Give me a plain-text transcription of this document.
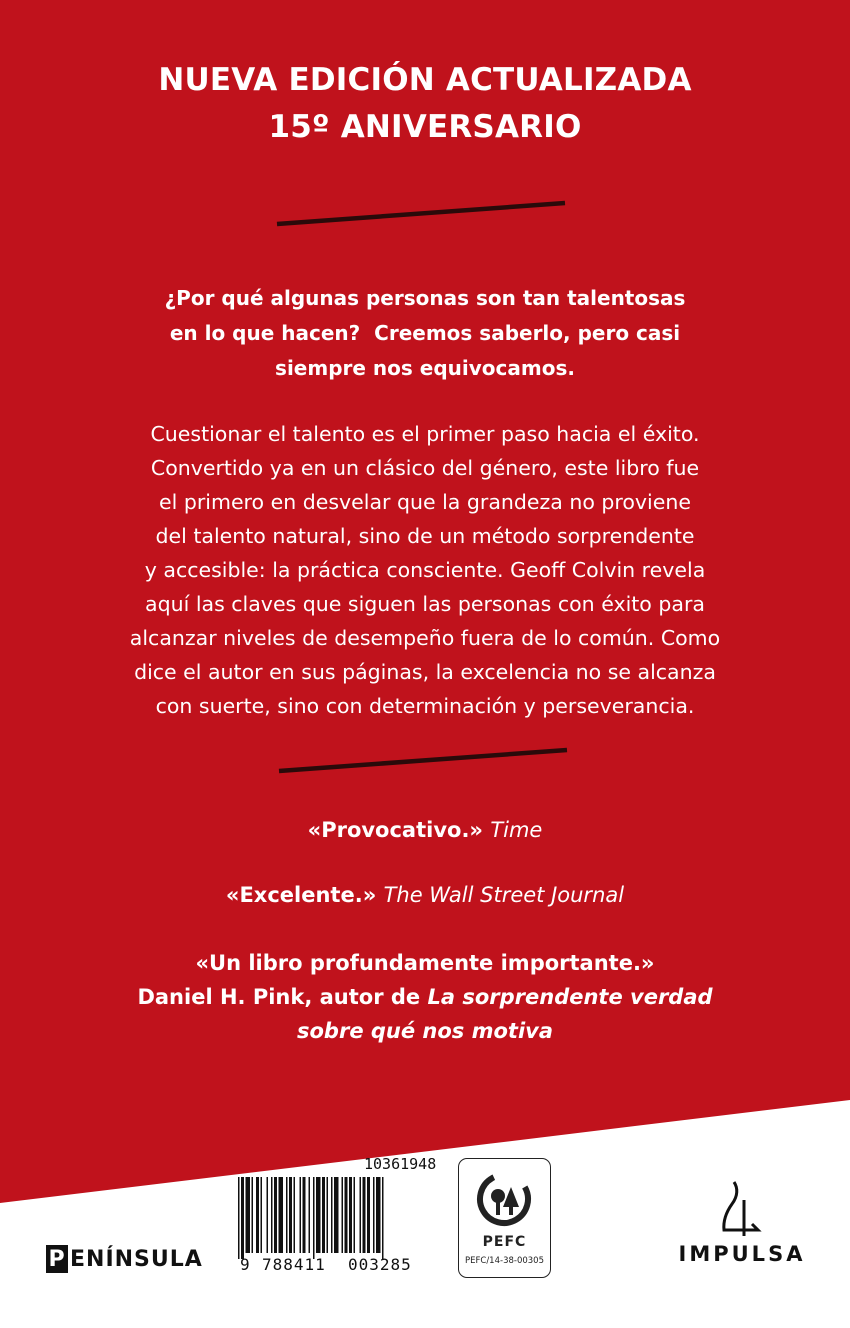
NUEVA EDICIÓN ACTUALIZADA
15º ANIVERSARIO
¿Por qué algunas personas son tan talentosas
en lo que hacen?  Creemos saberlo, pero casi
siempre nos equivocamos.
Cuestionar el talento es el primer paso hacia el éxito.
Convertido ya en un clásico del género, este libro fue
el primero en desvelar que la grandeza no proviene
del talento natural, sino de un método sorprendente
y accesible: la práctica consciente. Geoff Colvin revela
aquí las claves que siguen las personas con éxito para
alcanzar niveles de desempeño fuera de lo común. Como
dice el autor en sus páginas, la excelencia no se alcanza
con suerte, sino con determinación y perseverancia.
«Provocativo.» Time
«Excelente.» The Wall Street Journal
«Un libro profundamente importante.»
Daniel H. Pink, autor de La sorprendente verdad
sobre qué nos motiva
10361948
9 788411 003285
PEFC
PEFC/14-38-00305
P ENÍNSULA	IMPULSA
